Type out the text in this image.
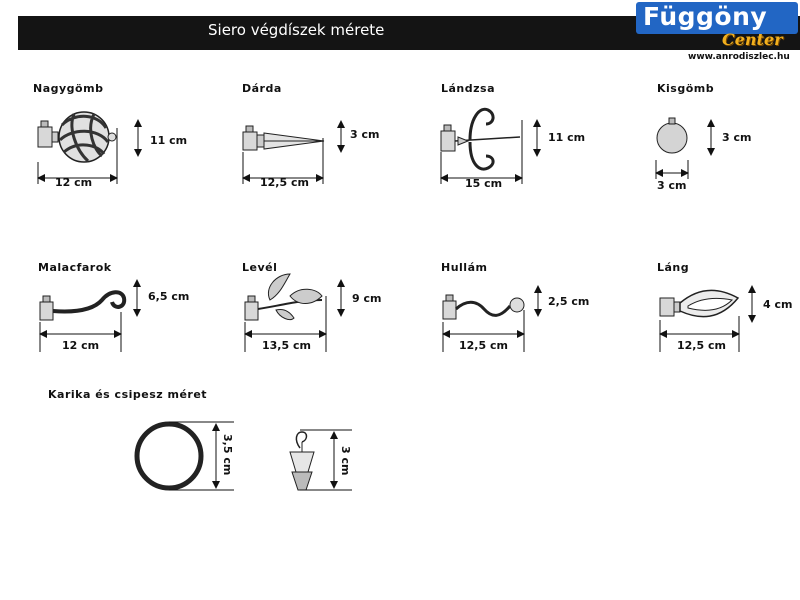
Siero végdíszek mérete	Függöny
Center
www.anrodiszlec.hu
Nagygömb
11 cm
12 cm
Dárda
3 cm
12,5 cm
Lándzsa
11 cm
15 cm
Kisgömb
3 cm
3 cm
Malacfarok
6,5 cm
12 cm
Levél
9 cm
13,5 cm
Hullám
2,5 cm
12,5 cm
Láng
4 cm
12,5 cm
Karika és csipesz méret
3,5 cm	3 cm
